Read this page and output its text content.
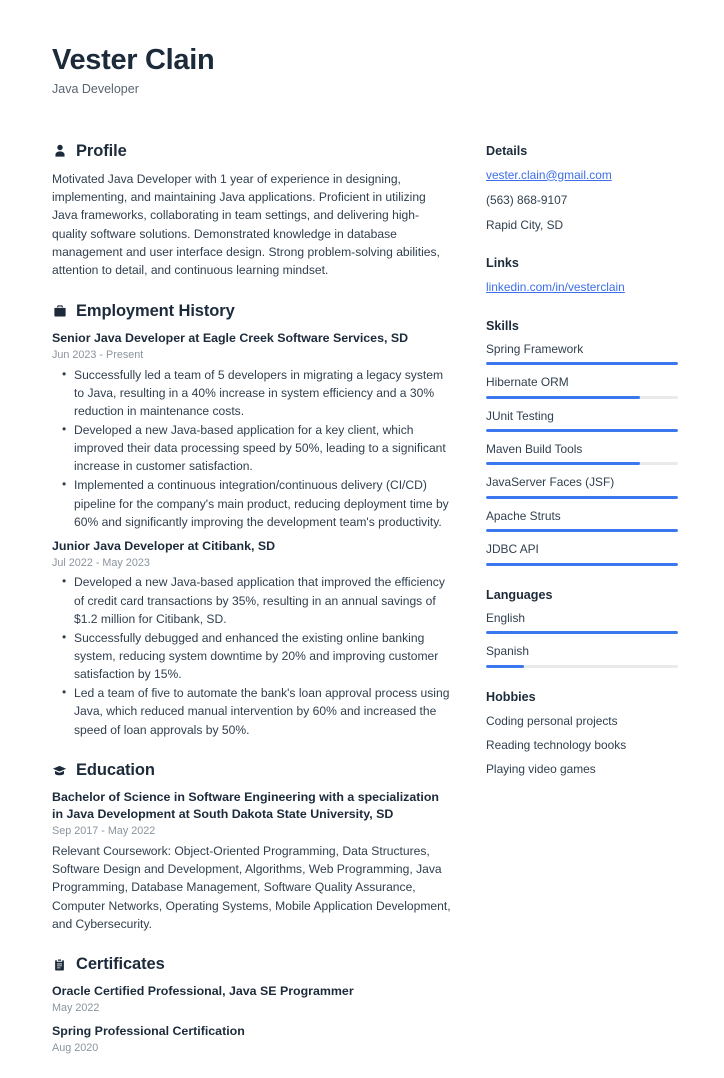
Vester Clain
Java Developer
Profile
Motivated Java Developer with 1 year of experience in designing, implementing, and maintaining Java applications. Proficient in utilizing Java frameworks, collaborating in team settings, and delivering high-quality software solutions. Demonstrated knowledge in database management and user interface design. Strong problem-solving abilities, attention to detail, and continuous learning mindset.
Employment History
Senior Java Developer at Eagle Creek Software Services, SD
Jun 2023 - Present
• Successfully led a team of 5 developers in migrating a legacy system to Java, resulting in a 40% increase in system efficiency and a 30% reduction in maintenance costs.
• Developed a new Java-based application for a key client, which improved their data processing speed by 50%, leading to a significant increase in customer satisfaction.
• Implemented a continuous integration/continuous delivery (CI/CD) pipeline for the company's main product, reducing deployment time by 60% and significantly improving the development team's productivity.
Junior Java Developer at Citibank, SD
Jul 2022 - May 2023
• Developed a new Java-based application that improved the efficiency of credit card transactions by 35%, resulting in an annual savings of $1.2 million for Citibank, SD.
• Successfully debugged and enhanced the existing online banking system, reducing system downtime by 20% and improving customer satisfaction by 15%.
• Led a team of five to automate the bank's loan approval process using Java, which reduced manual intervention by 60% and increased the speed of loan approvals by 50%.
Education
Bachelor of Science in Software Engineering with a specialization in Java Development at South Dakota State University, SD
Sep 2017 - May 2022
Relevant Coursework: Object-Oriented Programming, Data Structures, Software Design and Development, Algorithms, Web Programming, Java Programming, Database Management, Software Quality Assurance, Computer Networks, Operating Systems, Mobile Application Development, and Cybersecurity.
Certificates
Oracle Certified Professional, Java SE Programmer
May 2022
Spring Professional Certification
Aug 2020
Details
vester.clain@gmail.com
(563) 868-9107
Rapid City, SD
Links
linkedin.com/in/vesterclain
Skills
Spring Framework
Hibernate ORM
JUnit Testing
Maven Build Tools
JavaServer Faces (JSF)
Apache Struts
JDBC API
Languages
English
Spanish
Hobbies
Coding personal projects
Reading technology books
Playing video games
